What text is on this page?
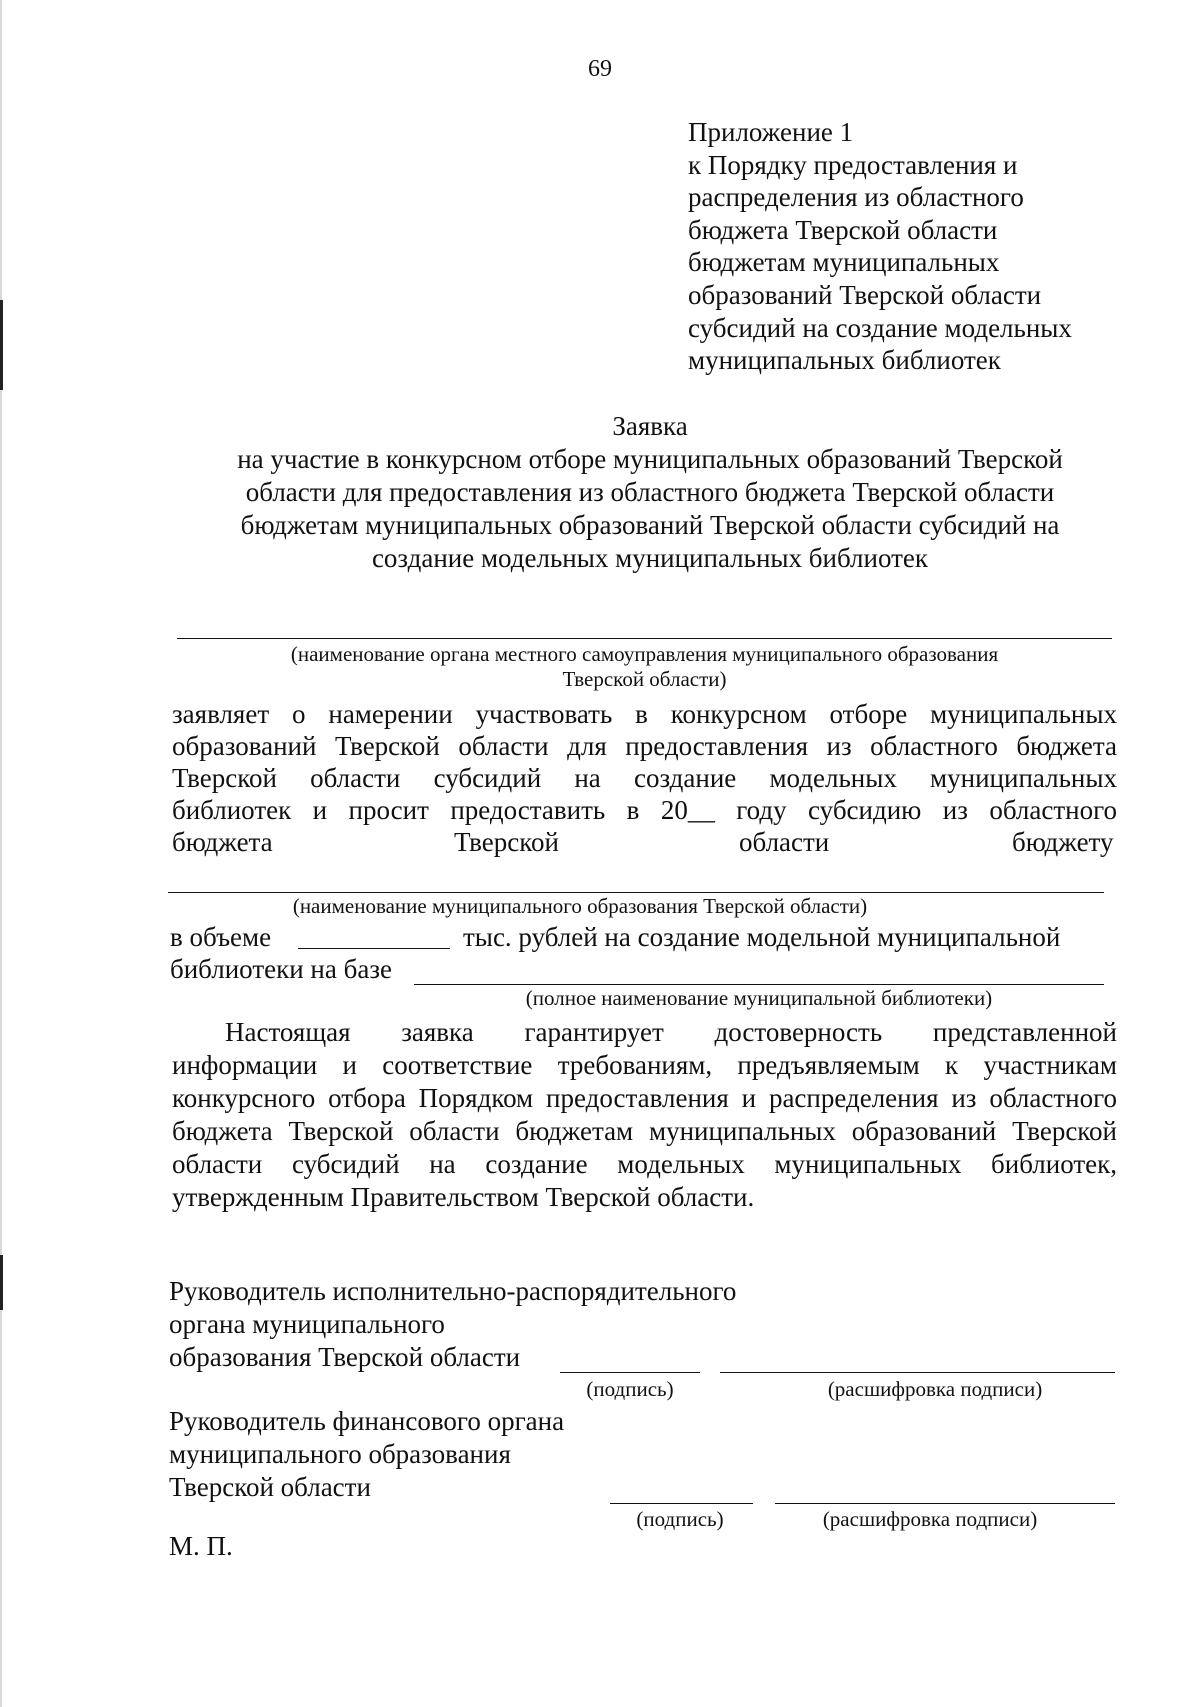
69
Приложение 1
к Порядку предоставления и
распределения из областного
бюджета Тверской области
бюджетам муниципальных
образований Тверской области
субсидий на создание модельных
муниципальных библиотек
Заявка
на участие в конкурсном отборе муниципальных образований Тверской
области для предоставления из областного бюджета Тверской области
бюджетам муниципальных образований Тверской области субсидий на
создание модельных муниципальных библиотек
(наименование органа местного самоуправления муниципального образования
Тверской области)
заявляет о намерении участвовать в конкурсном отборе муниципальных
образований Тверской области для предоставления из областного бюджета
Тверской области субсидий на создание модельных муниципальных
библиотек и просит предоставить в 20__ году субсидию из областного
бюджета	Тверской	области	бюджету
(наименование муниципального образования Тверской области)
в объеме	тыс. рублей на создание модельной муниципальной
библиотеки на базе
(полное наименование муниципальной библиотеки)
Настоящая заявка гарантирует достоверность представленной
информации и соответствие требованиям, предъявляемым к участникам
конкурсного отбора Порядком предоставления и распределения из областного
бюджета Тверской области бюджетам муниципальных образований Тверской
области субсидий на создание модельных муниципальных библиотек,
утвержденным Правительством Тверской области.
Руководитель исполнительно-распорядительного
органа муниципального
образования Тверской области
(подпись)	(расшифровка подписи)
Руководитель финансового органа
муниципального образования
Тверской области
(подпись)	(расшифровка подписи)
М. П.
